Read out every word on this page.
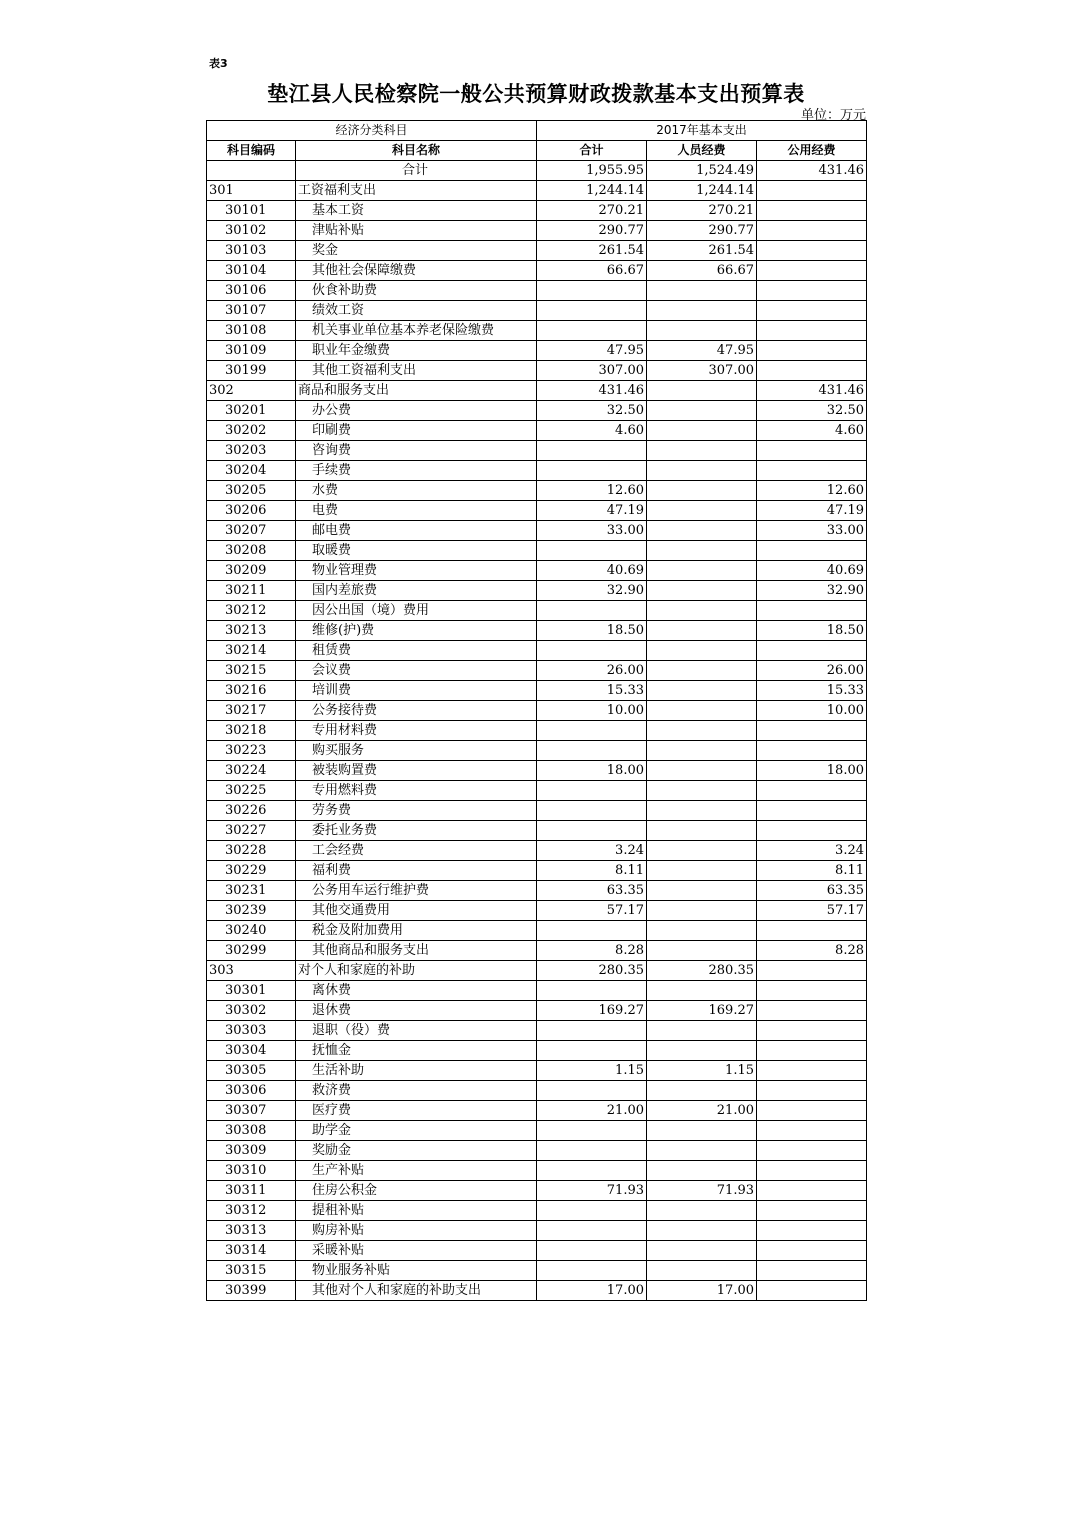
表3
垫江县人民检察院一般公共预算财政拨款基本支出预算表
单位：万元
经济分类科目		2017年基本支出		
科目编码	科目名称	合计	人员经费	公用经费
	合计	1,955.95	1,524.49	431.46
301	工资福利支出	1,244.14	1,244.14	
30101	基本工资	270.21	270.21	
30102	津贴补贴	290.77	290.77	
30103	奖金	261.54	261.54	
30104	其他社会保障缴费	66.67	66.67	
30106	伙食补助费			
30107	绩效工资			
30108	机关事业单位基本养老保险缴费			
30109	职业年金缴费	47.95	47.95	
30199	其他工资福利支出	307.00	307.00	
302	商品和服务支出	431.46		431.46
30201	办公费	32.50		32.50
30202	印刷费	4.60		4.60
30203	咨询费			
30204	手续费			
30205	水费	12.60		12.60
30206	电费	47.19		47.19
30207	邮电费	33.00		33.00
30208	取暖费			
30209	物业管理费	40.69		40.69
30211	国内差旅费	32.90		32.90
30212	因公出国（境）费用			
30213	维修(护)费	18.50		18.50
30214	租赁费			
30215	会议费	26.00		26.00
30216	培训费	15.33		15.33
30217	公务接待费	10.00		10.00
30218	专用材料费			
30223	购买服务			
30224	被装购置费	18.00		18.00
30225	专用燃料费			
30226	劳务费			
30227	委托业务费			
30228	工会经费	3.24		3.24
30229	福利费	8.11		8.11
30231	公务用车运行维护费	63.35		63.35
30239	其他交通费用	57.17		57.17
30240	税金及附加费用			
30299	其他商品和服务支出	8.28		8.28
303	对个人和家庭的补助	280.35	280.35	
30301	离休费			
30302	退休费	169.27	169.27	
30303	退职（役）费			
30304	抚恤金			
30305	生活补助	1.15	1.15	
30306	救济费			
30307	医疗费	21.00	21.00	
30308	助学金			
30309	奖励金			
30310	生产补贴			
30311	住房公积金	71.93	71.93	
30312	提租补贴			
30313	购房补贴			
30314	采暖补贴			
30315	物业服务补贴			
30399	其他对个人和家庭的补助支出	17.00	17.00	
